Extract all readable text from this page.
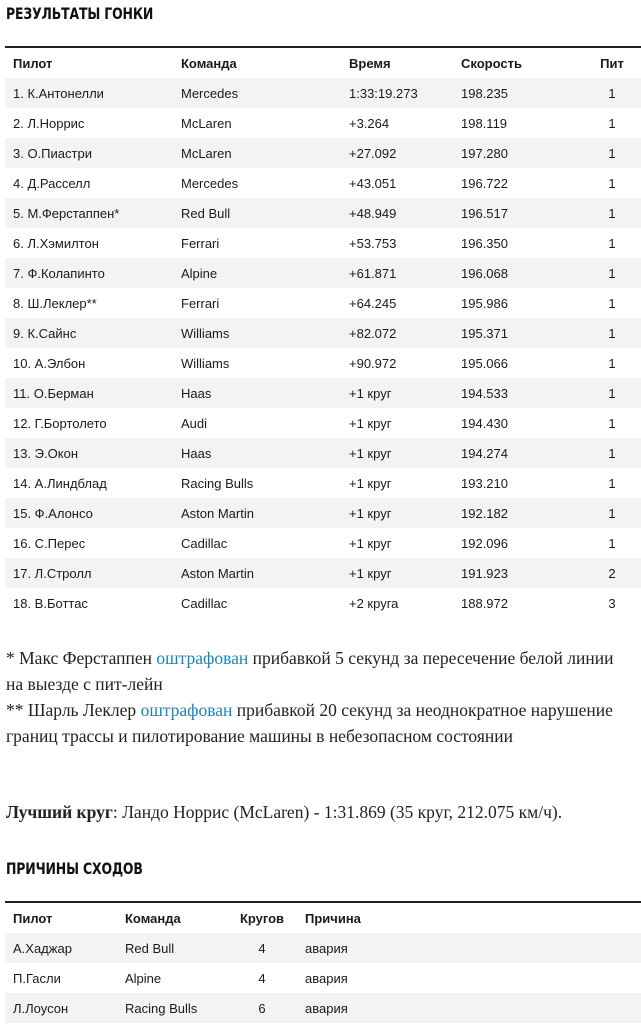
РЕЗУЛЬТАТЫ ГОНКИ
Пилот	Команда	Время	Скорость	Пит
1. К.Антонелли	Mercedes	1:33:19.273	198.235	1
2. Л.Норрис	McLaren	+3.264	198.119	1
3. О.Пиастри	McLaren	+27.092	197.280	1
4. Д.Расселл	Mercedes	+43.051	196.722	1
5. М.Ферстаппен*	Red Bull	+48.949	196.517	1
6. Л.Хэмилтон	Ferrari	+53.753	196.350	1
7. Ф.Колапинто	Alpine	+61.871	196.068	1
8. Ш.Леклер**	Ferrari	+64.245	195.986	1
9. К.Сайнс	Williams	+82.072	195.371	1
10. А.Элбон	Williams	+90.972	195.066	1
11. О.Берман	Haas	+1 круг	194.533	1
12. Г.Бортолето	Audi	+1 круг	194.430	1
13. Э.Окон	Haas	+1 круг	194.274	1
14. А.Линдблад	Racing Bulls	+1 круг	193.210	1
15. Ф.Алонсо	Aston Martin	+1 круг	192.182	1
16. С.Перес	Cadillac	+1 круг	192.096	1
17. Л.Стролл	Aston Martin	+1 круг	191.923	2
18. В.Боттас	Cadillac	+2 круга	188.972	3

* Макс Ферстаппен оштрафован прибавкой 5 секунд за пересечение белой линии на выезде с пит-лейн

** Шарль Леклер оштрафован прибавкой 20 секунд за неоднократное нарушение границ трассы и пилотирование машины в небезопасном состоянии

Лучший круг: Ландо Норрис (McLaren) - 1:31.869 (35 круг, 212.075 км/ч).
ПРИЧИНЫ СХОДОВ
Пилот	Команда	Кругов	Причина
А.Хаджар	Red Bull	4	авария
П.Гасли	Alpine	4	авария
Л.Лоусон	Racing Bulls	6	авария
